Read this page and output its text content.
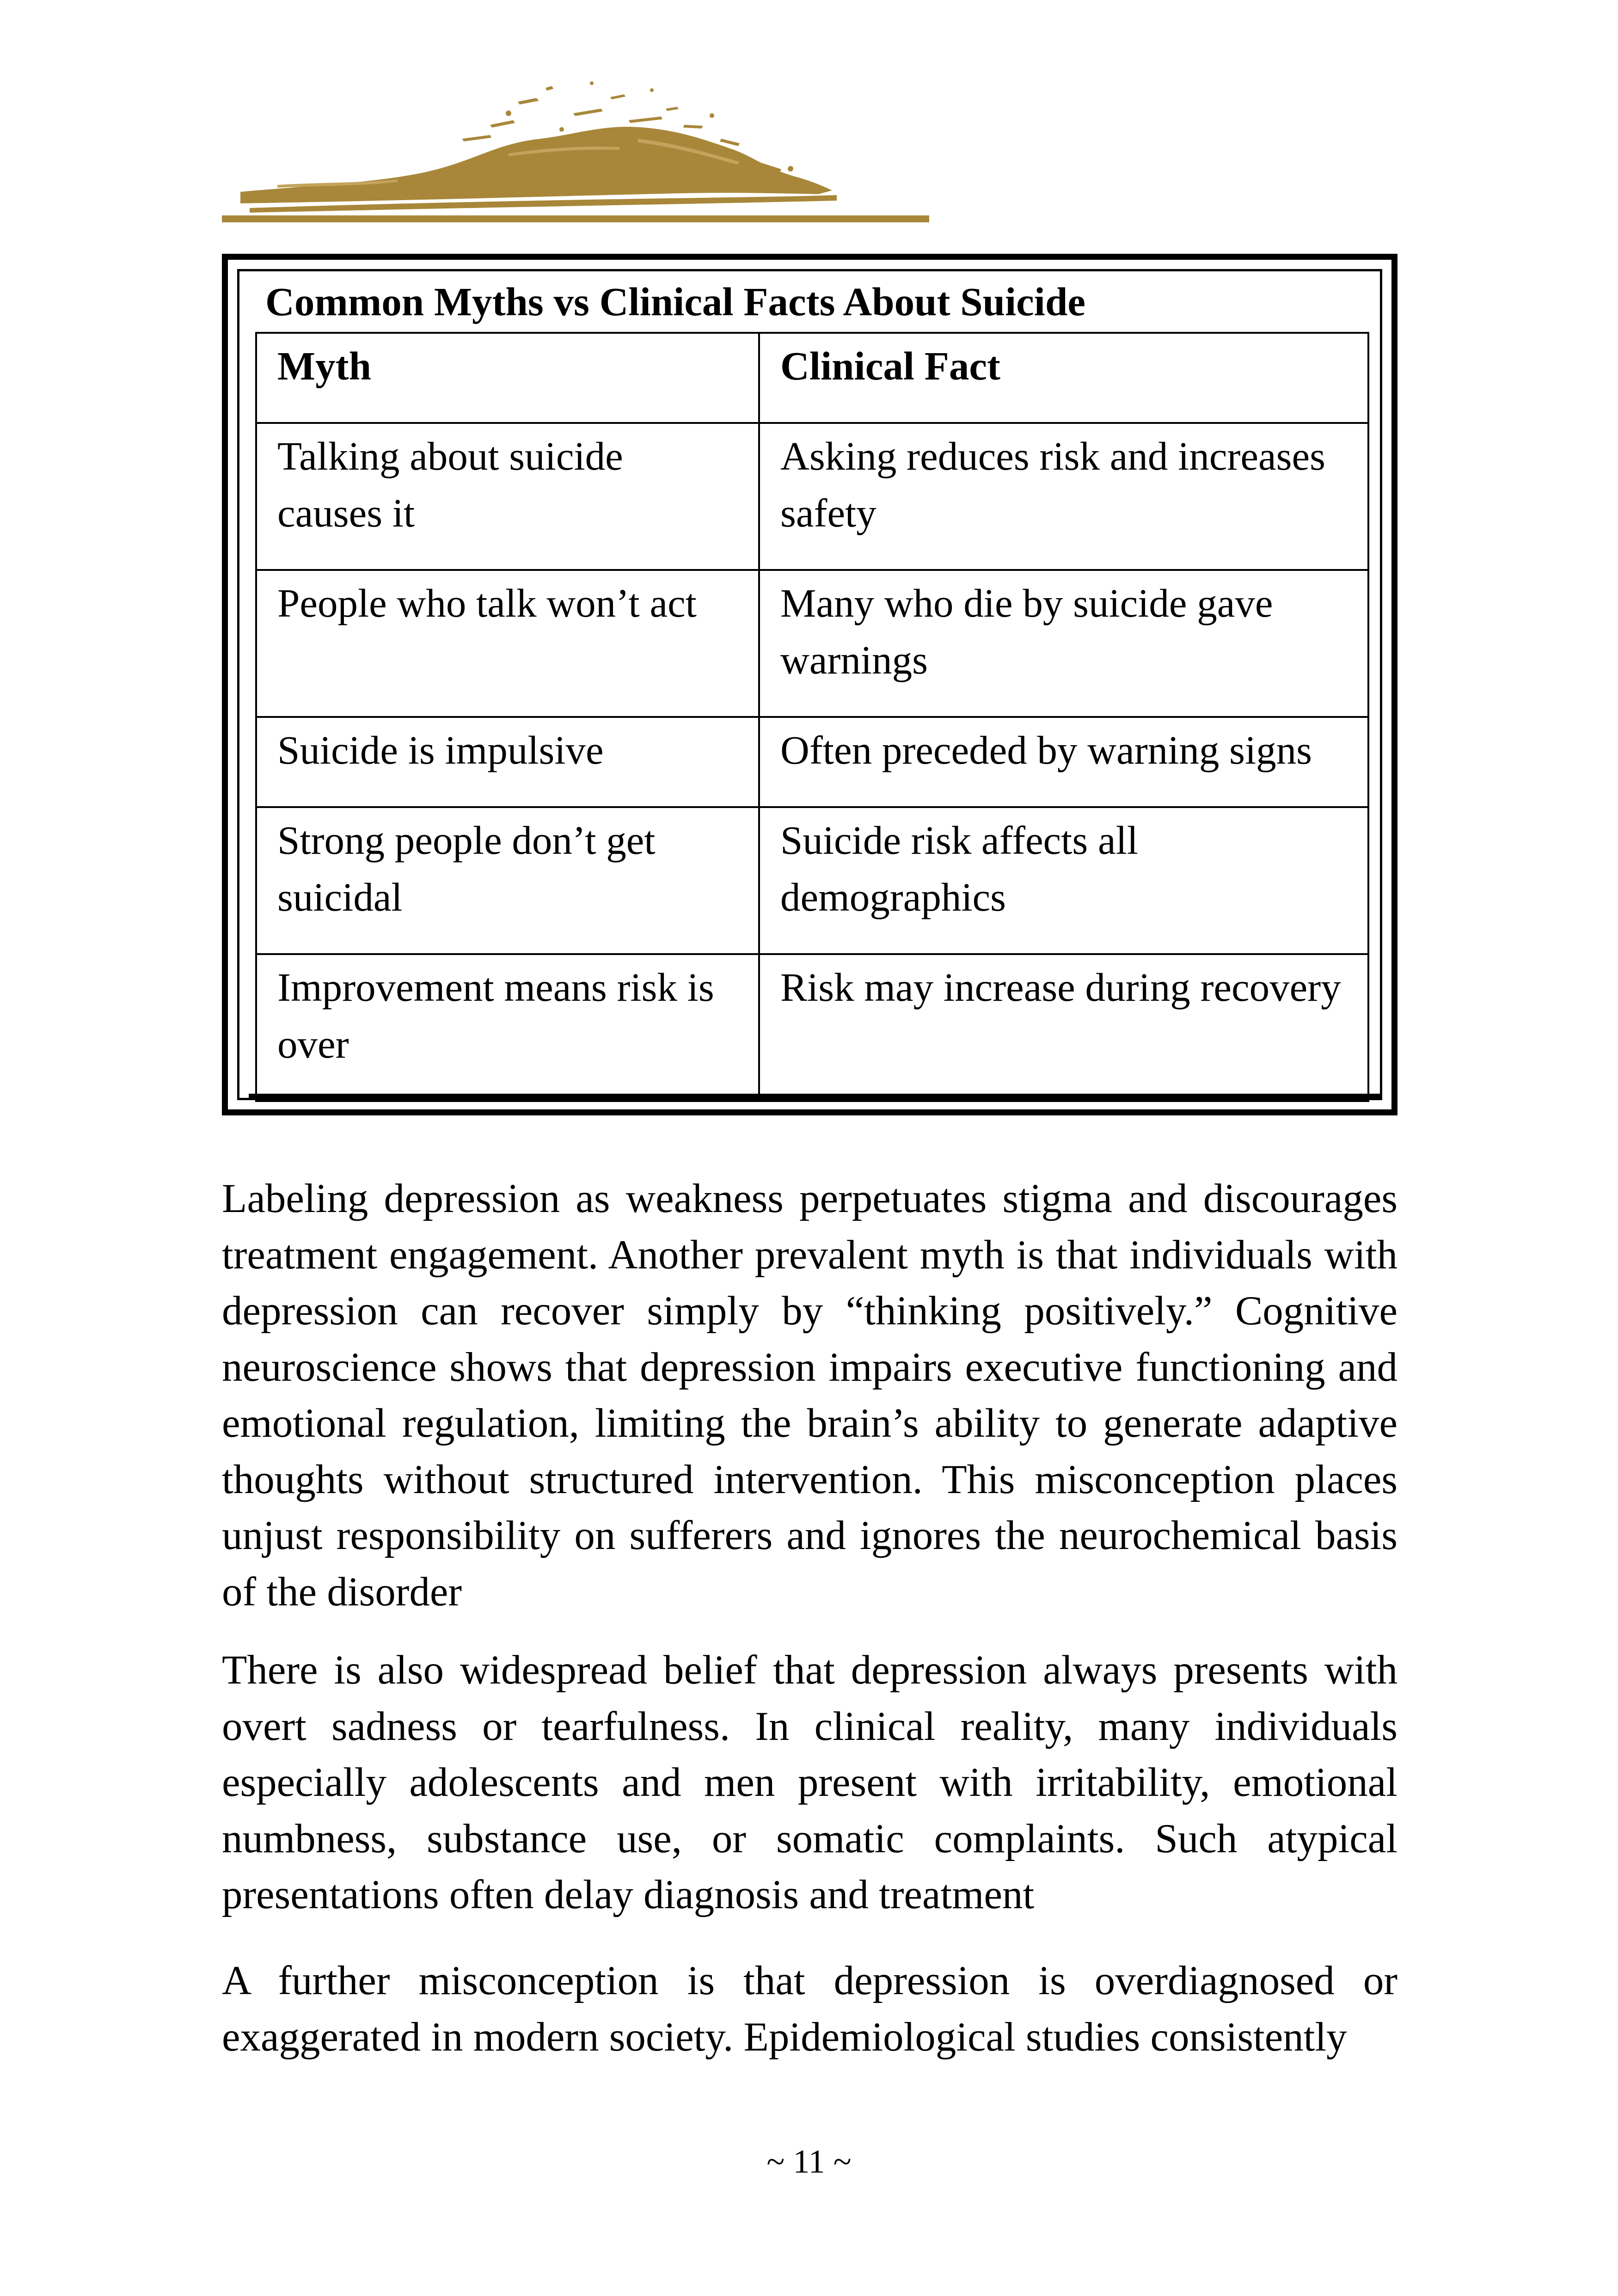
Common Myths vs Clinical Facts About Suicide
Myth	Clinical Fact
Talking about suicide causes it	Asking reduces risk and increases safety
People who talk won’t act	Many who die by suicide gave warnings
Suicide is impulsive	Often preceded by warning signs
Strong people don’t get suicidal	Suicide risk affects all demographics
Improvement means risk is over	Risk may increase during recovery

Labeling depression as weakness perpetuates stigma and discourages treatment engagement. Another prevalent myth is that individuals with depression can recover simply by “thinking positively.” Cognitive neuroscience shows that depression impairs executive functioning and emotional regulation, limiting the brain’s ability to generate adaptive thoughts without structured intervention. This misconception places unjust responsibility on sufferers and ignores the neurochemical basis of the disorder

There is also widespread belief that depression always presents with overt sadness or tearfulness. In clinical reality, many individuals especially adolescents and men present with irritability, emotional numbness, substance use, or somatic complaints. Such atypical presentations often delay diagnosis and treatment

A further misconception is that depression is overdiagnosed or exaggerated in modern society. Epidemiological studies consistently

~ 11 ~
